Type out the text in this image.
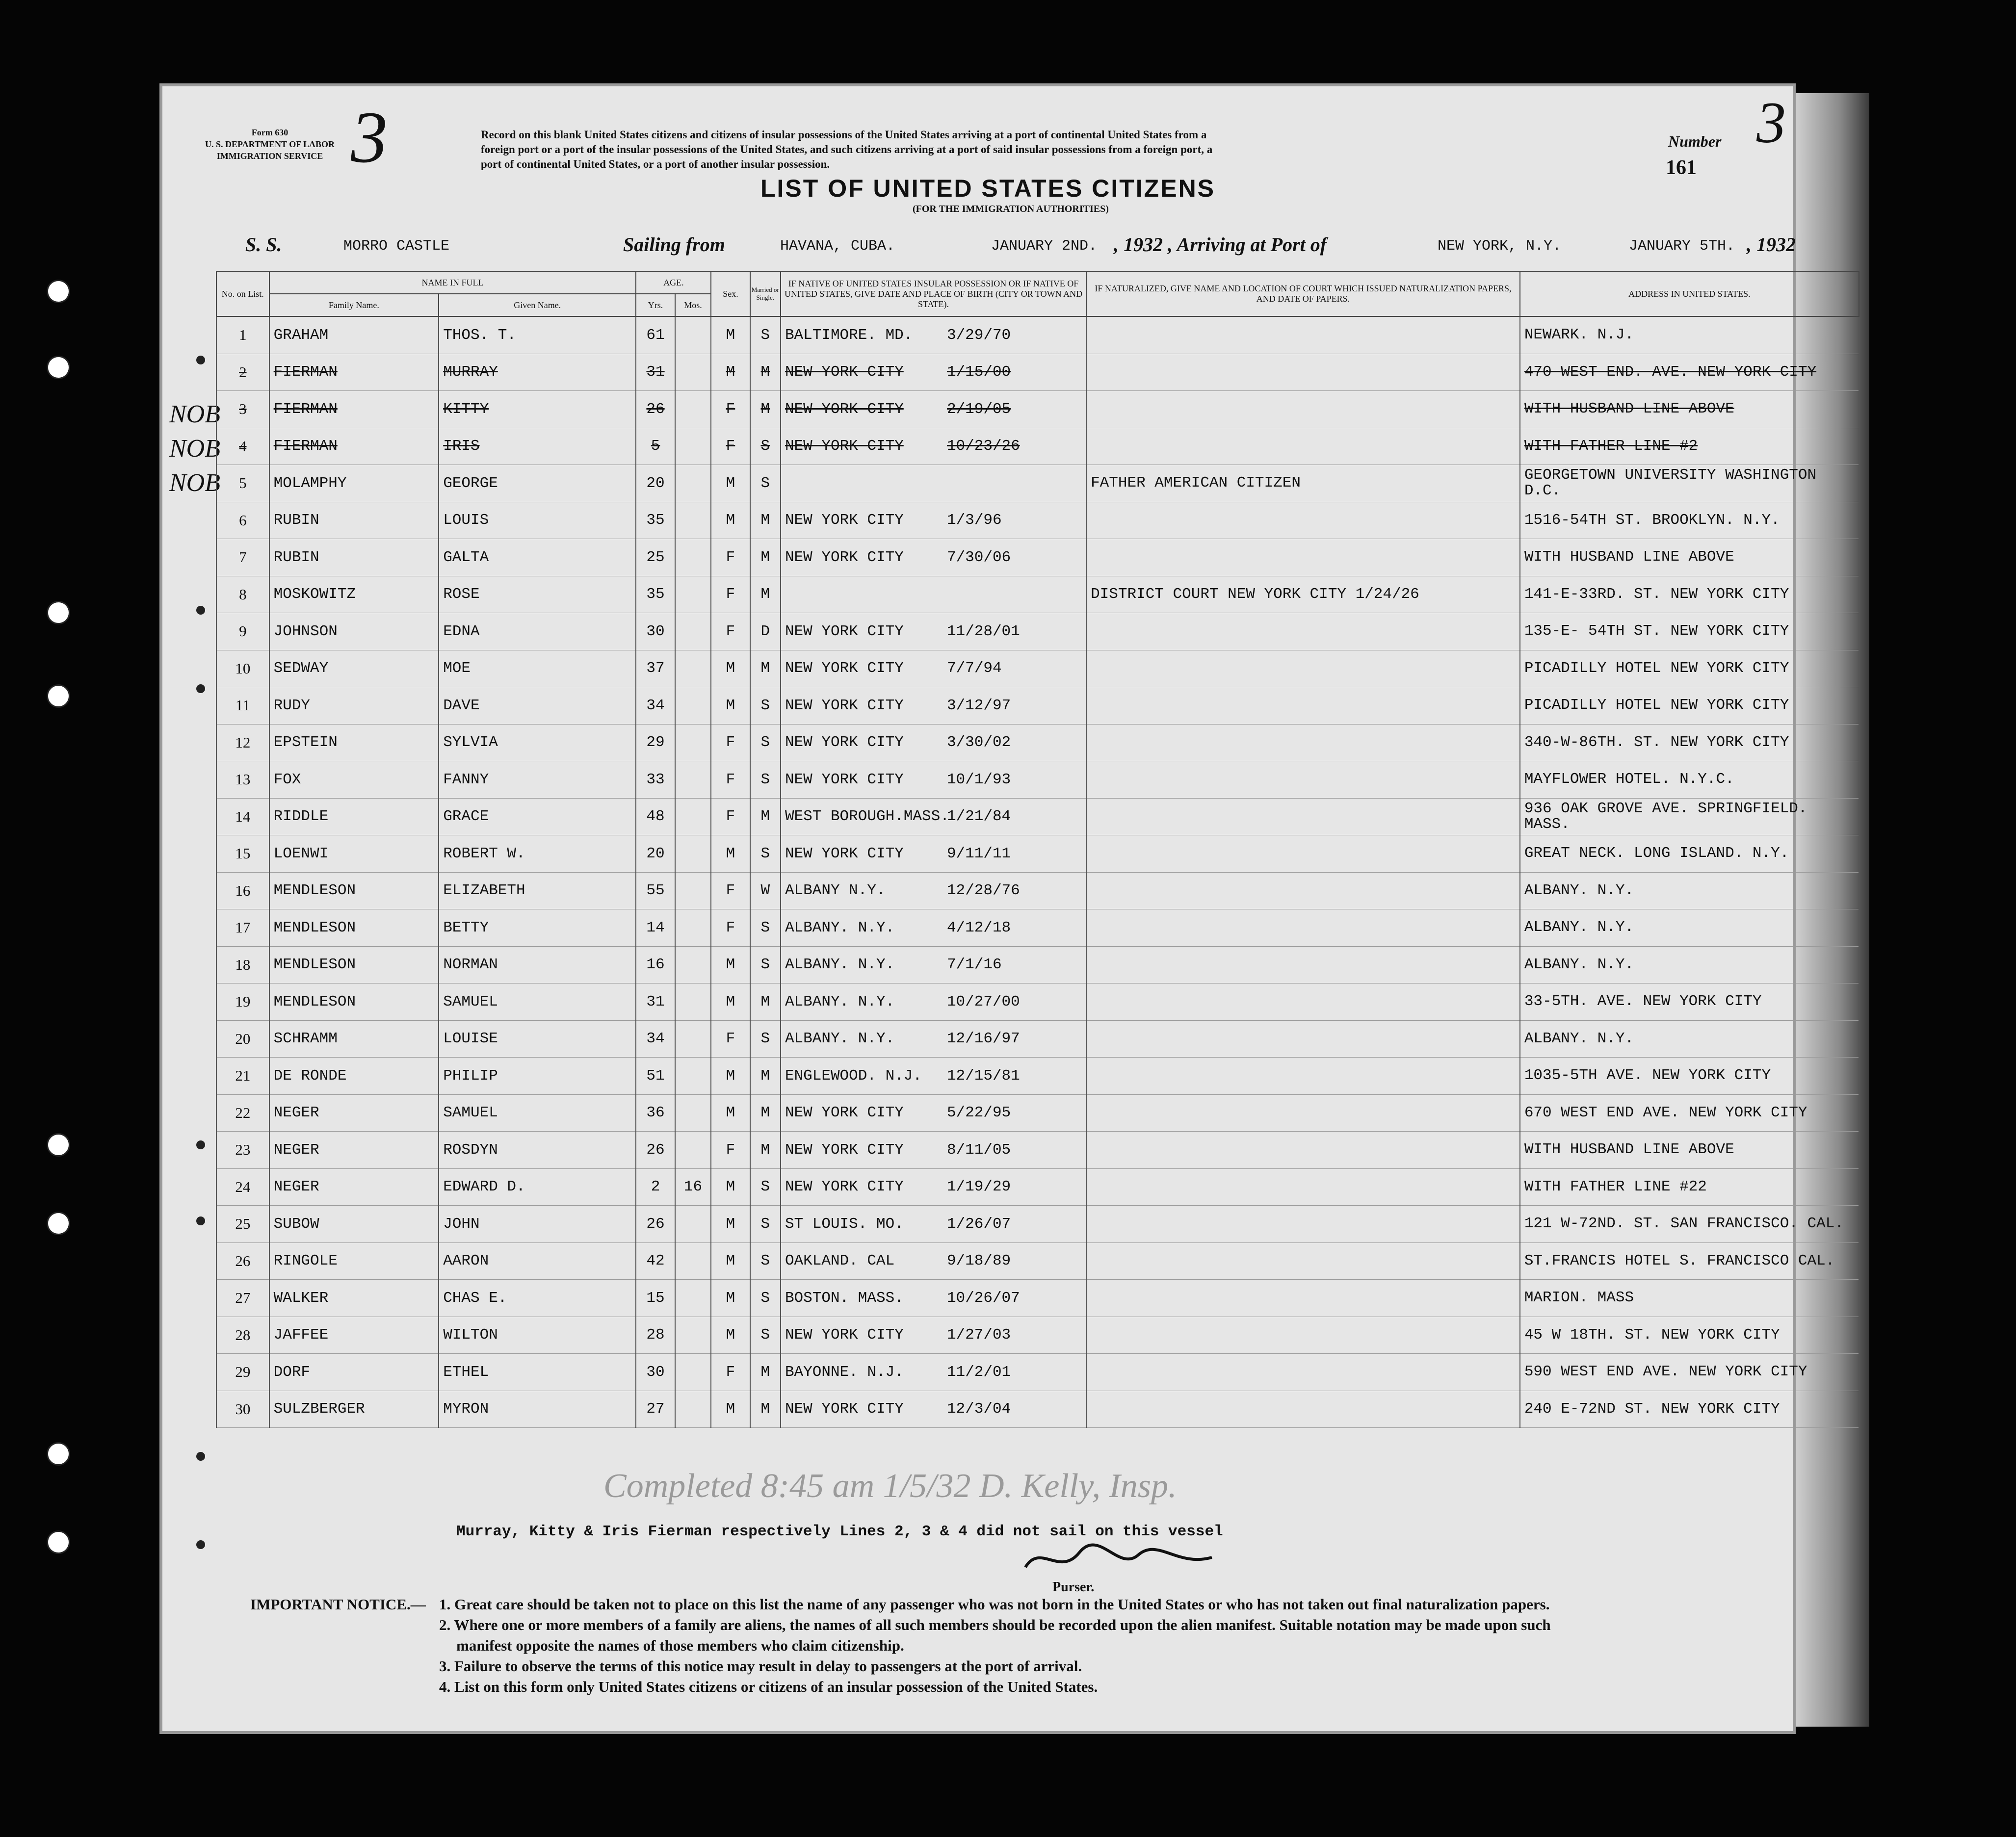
Form 630
U. S. DEPARTMENT OF LABOR
IMMIGRATION SERVICE 3	Record on this blank United States citizens and citizens of insular possessions of the United States arriving at a port of continental United States from a
foreign port or a port of the insular possessions of the United States, and such citizens arriving at a port of said insular possessions from a foreign port, a
port of continental United States, or a port of another insular possession.
Number 3
161
LIST OF UNITED STATES CITIZENS
(FOR THE IMMIGRATION AUTHORITIES)
S. S.	MORRO CASTLE	Sailing from	HAVANA, CUBA.	JANUARY 2ND. , 1932 , Arriving at Port of	NEW YORK, N.Y.	JANUARY 5TH. , 1932
NOB
NOB
NOB
No. on List.	NAME IN FULL		AGE.		Sex.	Married or Single.	IF NATIVE OF UNITED STATES INSULAR POSSESSION OR IF NATIVE OF UNITED STATES, GIVE DATE AND PLACE OF BIRTH (CITY OR TOWN AND STATE).	IF NATURALIZED, GIVE NAME AND LOCATION OF COURT WHICH ISSUED NATURALIZATION PAPERS, AND DATE OF PAPERS.	ADDRESS IN UNITED STATES.
	Family Name.	Given Name.	Yrs.	Mos.					
1	GRAHAM	THOS. T.	61		M	S	BALTIMORE. MD. 3/29/70		NEWARK. N.J.

2	FIERMAN	MURRAY	31		M	M	NEW YORK CITY 1/15/00		470 WEST END. AVE. NEW YORK CITY

3	FIERMAN	KITTY	26		F	M	NEW YORK CITY 2/19/05		WITH HUSBAND LINE ABOVE

4	FIERMAN	IRIS	5		F	S	NEW YORK CITY 10/23/26		WITH FATHER LINE #2

5	MOLAMPHY	GEORGE	20		M	S		FATHER AMERICAN CITIZEN	GEORGETOWN UNIVERSITY WASHINGTON D.C.

6	RUBIN	LOUIS	35		M	M	NEW YORK CITY 1/3/96		1516-54TH ST. BROOKLYN. N.Y.

7	RUBIN	GALTA	25		F	M	NEW YORK CITY 7/30/06		WITH HUSBAND LINE ABOVE

8	MOSKOWITZ	ROSE	35		F	M		DISTRICT COURT NEW YORK CITY 1/24/26	141-E-33RD. ST. NEW YORK CITY

9	JOHNSON	EDNA	30		F	D	NEW YORK CITY 11/28/01		135-E- 54TH ST. NEW YORK CITY

10	SEDWAY	MOE	37		M	M	NEW YORK CITY 7/7/94		PICADILLY HOTEL NEW YORK CITY

11	RUDY	DAVE	34		M	S	NEW YORK CITY 3/12/97		PICADILLY HOTEL NEW YORK CITY

12	EPSTEIN	SYLVIA	29		F	S	NEW YORK CITY 3/30/02		340-W-86TH. ST. NEW YORK CITY

13	FOX	FANNY	33		F	S	NEW YORK CITY 10/1/93		MAYFLOWER HOTEL. N.Y.C.

14	RIDDLE	GRACE	48		F	M	WEST BOROUGH.MASS.1/21/84		936 OAK GROVE AVE. SPRINGFIELD. MASS.

15	LOENWI	ROBERT W.	20		M	S	NEW YORK CITY 9/11/11		GREAT NECK. LONG ISLAND. N.Y.

16	MENDLESON	ELIZABETH	55		F	W	ALBANY N.Y. 12/28/76		ALBANY. N.Y.

17	MENDLESON	BETTY	14		F	S	ALBANY. N.Y. 4/12/18		ALBANY. N.Y.

18	MENDLESON	NORMAN	16		M	S	ALBANY. N.Y. 7/1/16		ALBANY. N.Y.

19	MENDLESON	SAMUEL	31		M	M	ALBANY. N.Y. 10/27/00		33-5TH. AVE. NEW YORK CITY

20	SCHRAMM	LOUISE	34		F	S	ALBANY. N.Y. 12/16/97		ALBANY. N.Y.

21	DE RONDE	PHILIP	51		M	M	ENGLEWOOD. N.J. 12/15/81		1035-5TH AVE. NEW YORK CITY

22	NEGER	SAMUEL	36		M	M	NEW YORK CITY 5/22/95		670 WEST END AVE. NEW YORK CITY

23	NEGER	ROSDYN	26		F	M	NEW YORK CITY 8/11/05		WITH HUSBAND LINE ABOVE

24	NEGER	EDWARD D.	2	16	M	S	NEW YORK CITY 1/19/29		WITH FATHER LINE #22

25	SUBOW	JOHN	26		M	S	ST LOUIS. MO. 1/26/07		121 W-72ND. ST. SAN FRANCISCO. CAL.

26	RINGOLE	AARON	42		M	S	OAKLAND. CAL 9/18/89		ST.FRANCIS HOTEL S. FRANCISCO CAL.

27	WALKER	CHAS E.	15		M	S	BOSTON. MASS. 10/26/07		MARION. MASS

28	JAFFEE	WILTON	28		M	S	NEW YORK CITY 1/27/03		45 W 18TH. ST. NEW YORK CITY

29	DORF	ETHEL	30		F	M	BAYONNE. N.J. 11/2/01		590 WEST END AVE. NEW YORK CITY

30	SULZBERGER	MYRON	27		M	M	NEW YORK CITY 12/3/04		240 E-72ND ST. NEW YORK CITY
Completed 8:45 am 1/5/32 D. Kelly, Insp.
Murray, Kitty & Iris Fierman respectively Lines 2, 3 & 4 did not sail on this vessel
Purser.
IMPORTANT NOTICE.— 1. Great care should be taken not to place on this list the name of any passenger who was not born in the United States or who has not taken out final naturalization papers.
2. Where one or more members of a family are aliens, the names of all such members should be recorded upon the alien manifest. Suitable notation may be made upon such
manifest opposite the names of those members who claim citizenship.
3. Failure to observe the terms of this notice may result in delay to passengers at the port of arrival.
4. List on this form only United States citizens or citizens of an insular possession of the United States.
